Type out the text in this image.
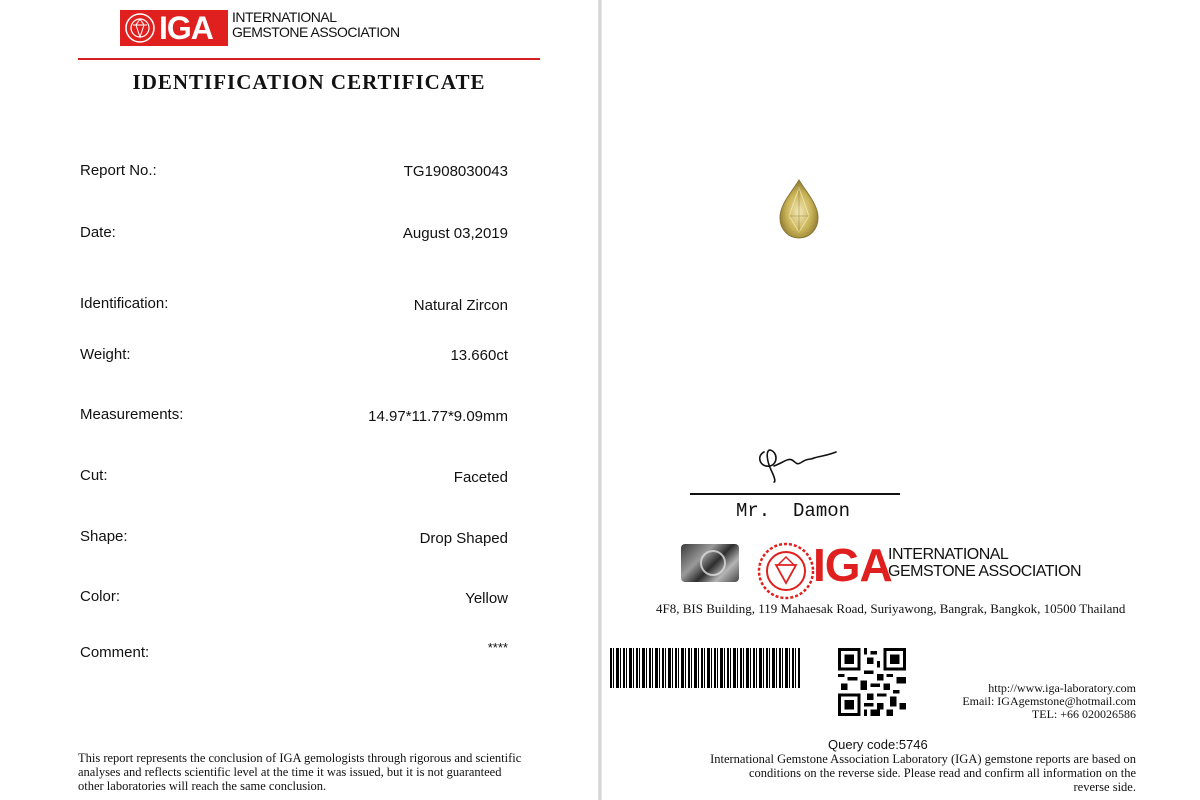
IGA INTERNATIONAL
GEMSTONE ASSOCIATION
IDENTIFICATION CERTIFICATE
Report No.:	TG1908030043
Date:	August 03,2019
Identification:	Natural Zircon
Weight:	13.660ct
Measurements:	14.97*11.77*9.09mm
Cut:	Faceted
Shape:	Drop Shaped
Color:	Yellow
Comment:	****
This report represents the conclusion of IGA gemologists through rigorous and scientific
analyses and reflects scientific level at the time it was issued, but it is not guaranteed
other laboratories will reach the same conclusion.
Mr.  Damon
IGA
INTERNATIONAL
GEMSTONE ASSOCIATION
4F8, BIS Building, 119 Mahaesak Road, Suriyawong, Bangrak, Bangkok, 10500 Thailand
http://www.iga-laboratory.com
Email: IGAgemstone@hotmail.com
TEL: +66 020026586
Query code:5746
International Gemstone Association Laboratory (IGA) gemstone reports are based on
conditions on the reverse side. Please read and confirm all information on the
reverse side.
